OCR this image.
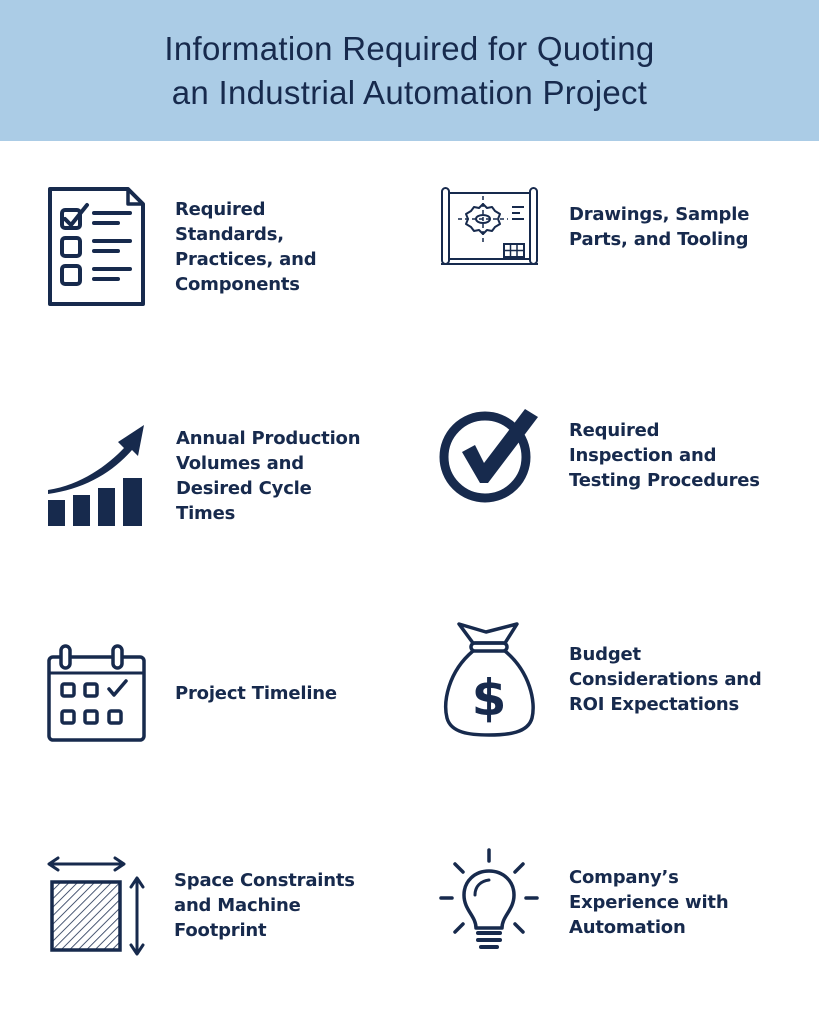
Information Required for Quoting
an Industrial Automation Project
Required
Standards,
Practices, and
Components
Drawings, Sample
Parts, and Tooling
Annual Production
Volumes and
Desired Cycle
Times
Required
Inspection and
Testing Procedures
Project Timeline	$
Budget
Considerations and
ROI Expectations
Space Constraints
and Machine
Footprint
Company’s
Experience with
Automation
